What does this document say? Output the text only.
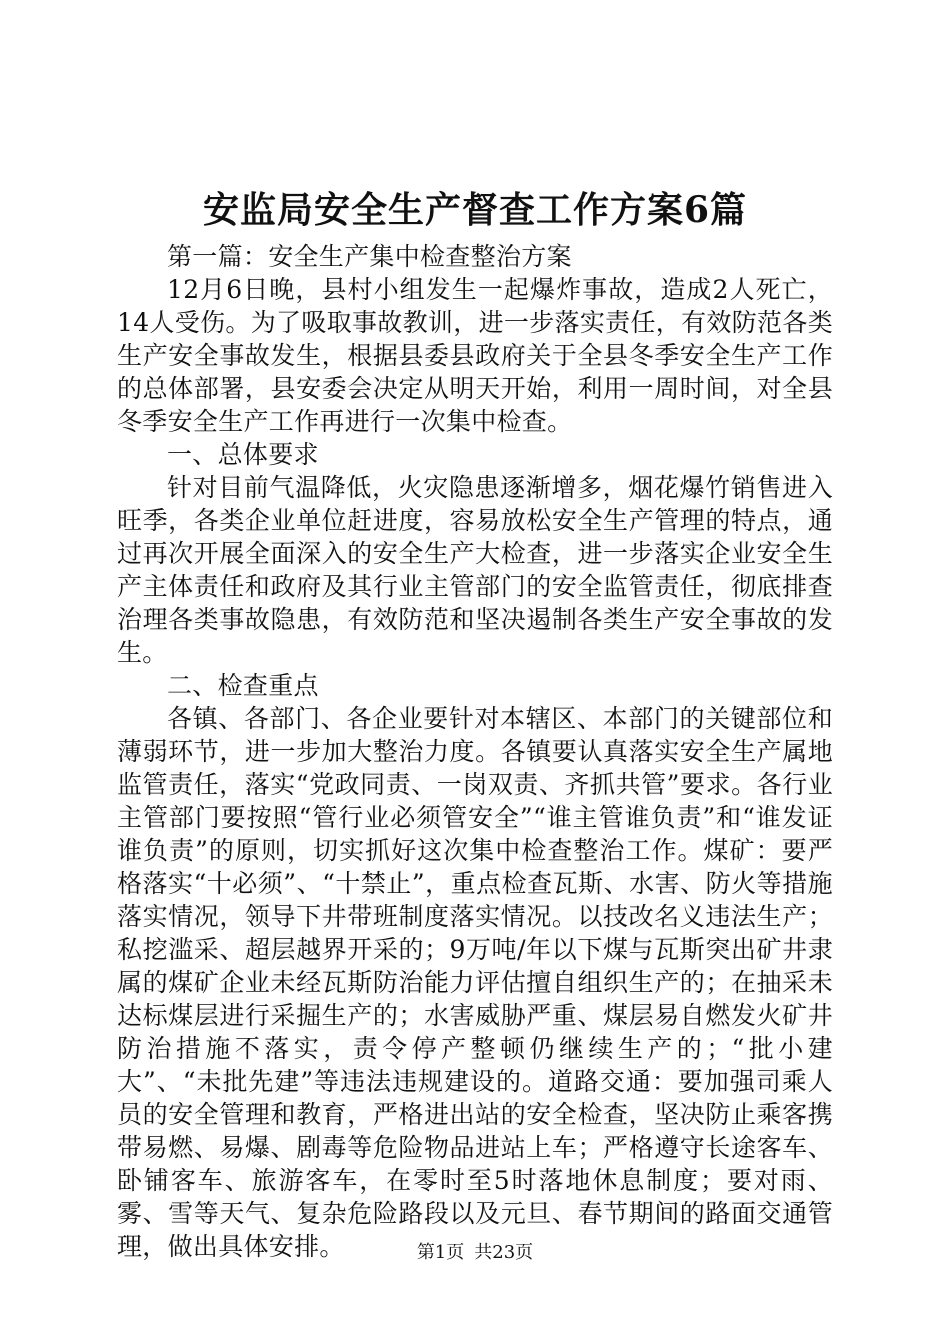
安监局安全生产督查工作方案6篇

第一篇：安全生产集中检查整治方案

12月6日晚，县村小组发生一起爆炸事故，造成2人死亡，14人受伤。为了吸取事故教训，进一步落实责任，有效防范各类生产安全事故发生，根据县委县政府关于全县冬季安全生产工作的总体部署，县安委会决定从明天开始，利用一周时间，对全县冬季安全生产工作再进行一次集中检查。

一、总体要求

针对目前气温降低，火灾隐患逐渐增多，烟花爆竹销售进入旺季，各类企业单位赶进度，容易放松安全生产管理的特点，通过再次开展全面深入的安全生产大检查，进一步落实企业安全生产主体责任和政府及其行业主管部门的安全监管责任，彻底排查治理各类事故隐患，有效防范和坚决遏制各类生产安全事故的发生。

二、检查重点

各镇、各部门、各企业要针对本辖区、本部门的关键部位和薄弱环节，进一步加大整治力度。各镇要认真落实安全生产属地监管责任，落实“党政同责、一岗双责、齐抓共管”要求。各行业主管部门要按照“管行业必须管安全”“谁主管谁负责”和“谁发证谁负责”的原则，切实抓好这次集中检查整治工作。煤矿：要严格落实“十必须”、“十禁止”，重点检查瓦斯、水害、防火等措施落实情况，领导下井带班制度落实情况。以技改名义违法生产；私挖滥采、超层越界开采的；9万吨/年以下煤与瓦斯突出矿井隶属的煤矿企业未经瓦斯防治能力评估擅自组织生产的；在抽采未达标煤层进行采掘生产的；水害威胁严重、煤层易自燃发火矿井防治措施不落实，责令停产整顿仍继续生产的；“批小建大”、“未批先建”等违法违规建设的。道路交通：要加强司乘人员的安全管理和教育，严格进出站的安全检查，坚决防止乘客携带易燃、易爆、剧毒等危险物品进站上车；严格遵守长途客车、卧铺客车、旅游客车，在零时至5时落地休息制度；要对雨、雾、雪等天气、复杂危险路段以及元旦、春节期间的路面交通管理，做出具体安排。	第1页 共23页
